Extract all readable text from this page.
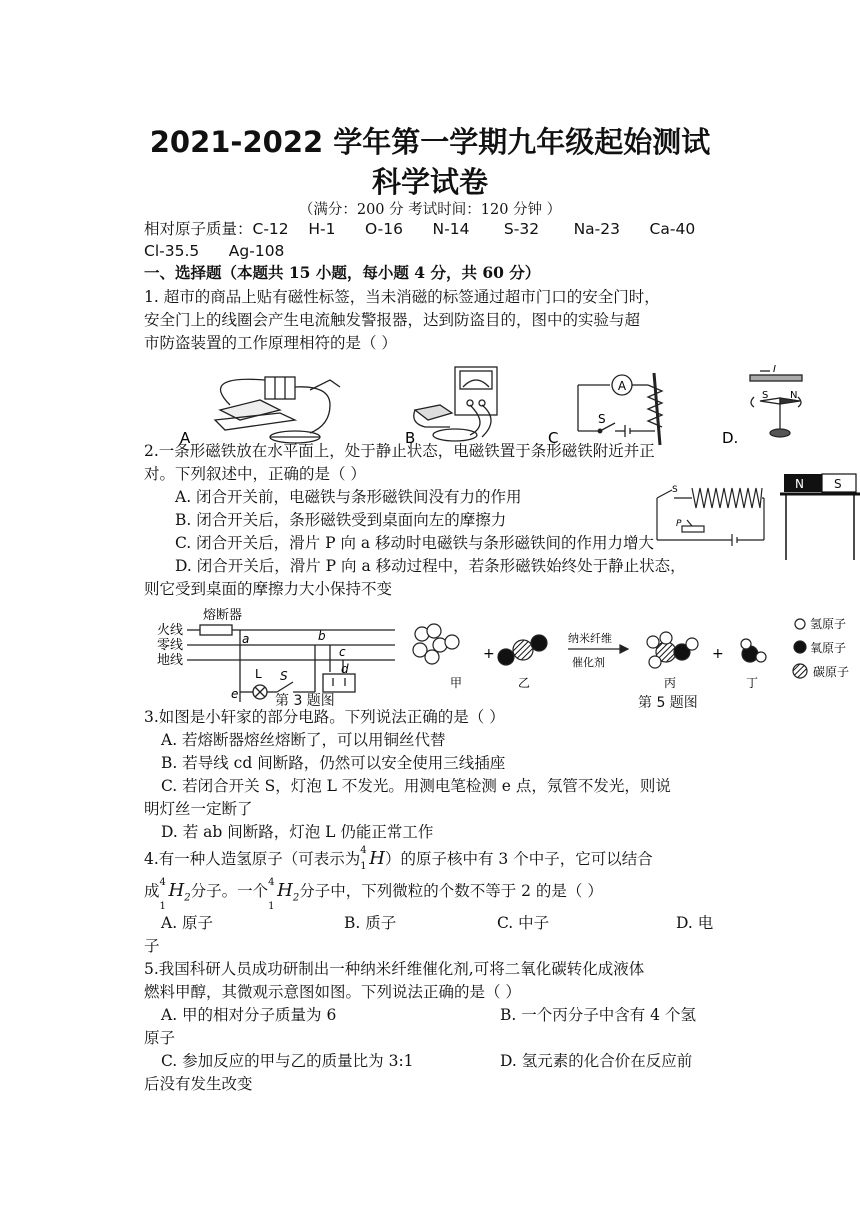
2021-2022 学年第一学期九年级起始测试
科学试卷
（满分：200 分 考试时间：120 分钟 ）
相对原子质量：C-12    H-1      O-16      N-14       S-32       Na-23      Ca-40
Cl-35.5      Ag-108
一、选择题（本题共 15 小题，每小题 4 分，共 60 分）
1. 超市的商品上贴有磁性标签，当未消磁的标签通过超市门口的安全门时，
安全门上的线圈会产生电流触发警报器，达到防盗目的，图中的实验与超
市防盗装置的工作原理相符的是（ ）
A	B
A
S
C
I
S N
D.
2.一条形磁铁放在水平面上，处于静止状态，电磁铁置于条形磁铁附近并正
对。下列叙述中，正确的是（ ）
S
P
N	S
A. 闭合开关前，电磁铁与条形磁铁间没有力的作用
B. 闭合开关后，条形磁铁受到桌面向左的摩擦力
C. 闭合开关后，滑片 P 向 a 移动时电磁铁与条形磁铁间的作用力增大
D. 闭合开关后，滑片 P 向 a 移动过程中，若条形磁铁始终处于静止状态，
则它受到桌面的摩擦力大小保持不变
火线
零线
地线
熔断器
a	b
c
d
L S
e	第 3 题图
+	+
纳米纤维
催化剂
甲	乙	丙	丁
氢原子
氧原子
碳原子
第 5 题图
3.如图是小轩家的部分电路。下列说法正确的是（ ）
A. 若熔断器熔丝熔断了，可以用铜丝代替
B. 若导线 cd 间断路，仍然可以安全使用三线插座
C. 若闭合开关 S，灯泡 L 不发光。用测电笔检测 e 点，氖管不发光，则说
明灯丝一定断了
D. 若 ab 间断路，灯泡 L 仍能正常工作
4.有一种人造氢原子（可表示为 4
1 H）的原子核中有 3 个中子，它可以结合
成 4
1
$H_2$分子。一个 4
1
$H_2$分子中，下列微粒的个数不等于 2 的是（ ）
A. 原子	B. 质子	C. 中子	D. 电
子
5.我国科研人员成功研制出一种纳米纤维催化剂,可将二氧化碳转化成液体
燃料甲醇，其微观示意图如图。下列说法正确的是（ ）
A. 甲的相对分子质量为 6	B. 一个丙分子中含有 4 个氢
原子
C. 参加反应的甲与乙的质量比为 3:1	D. 氢元素的化合价在反应前
后没有发生改变
